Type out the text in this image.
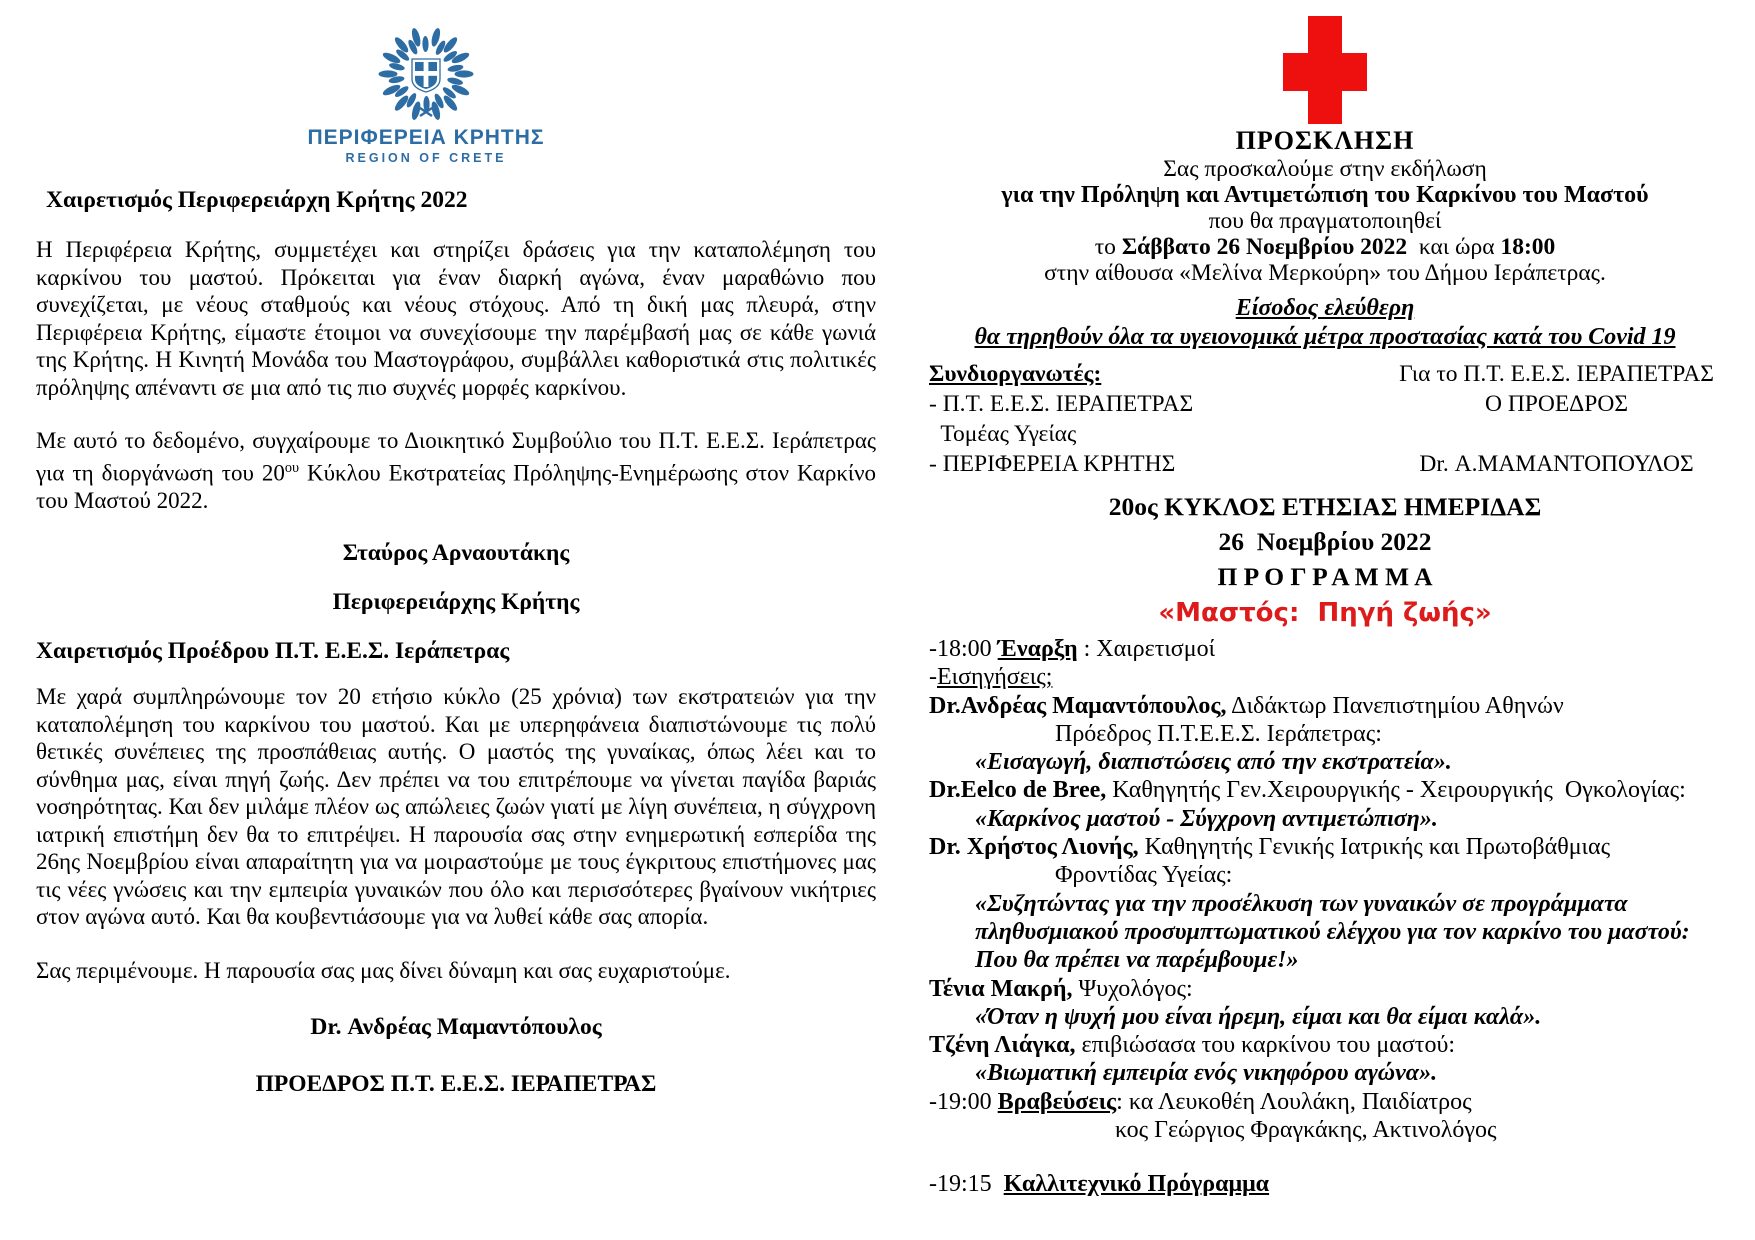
ΠΕΡΙΦΕΡΕΙΑ ΚΡΗΤΗΣ
REGION OF CRETE
Χαιρετισμός Περιφερειάρχη Κρήτης 2022
Η Περιφέρεια Κρήτης, συμμετέχει και στηρίζει δράσεις για την καταπολέμηση του καρκίνου του μαστού. Πρόκειται για έναν διαρκή αγώνα, έναν μαραθώνιο που συνεχίζεται, με νέους σταθμούς και νέους στόχους. Από τη δική μας πλευρά, στην Περιφέρεια Κρήτης, είμαστε έτοιμοι να συνεχίσουμε την παρέμβασή μας σε κάθε γωνιά της Κρήτης. Η Κινητή Μονάδα του Μαστογράφου, συμβάλλει καθοριστικά στις πολιτικές πρόληψης απέναντι σε μια από τις πιο συχνές μορφές καρκίνου.
Με αυτό το δεδομένο, συγχαίρουμε το Διοικητικό Συμβούλιο του Π.Τ. Ε.Ε.Σ. Ιεράπετρας για τη διοργάνωση του $20^{o\upsilon}$ Κύκλου Εκστρατείας Πρόληψης-Ενημέρωσης στον Καρκίνο του Μαστού 2022.
Σταύρος Αρναουτάκης
Περιφερειάρχης Κρήτης
Χαιρετισμός Προέδρου Π.Τ. Ε.Ε.Σ. Ιεράπετρας
Με χαρά συμπληρώνουμε τον 20 ετήσιο κύκλο (25 χρόνια) των εκστρατειών για την καταπολέμηση του καρκίνου του μαστού. Και με υπερηφάνεια διαπιστώνουμε τις πολύ θετικές συνέπειες της προσπάθειας αυτής. Ο μαστός της γυναίκας, όπως λέει και το σύνθημα μας, είναι πηγή ζωής. Δεν πρέπει να του επιτρέπουμε να γίνεται παγίδα βαριάς νοσηρότητας. Και δεν μιλάμε πλέον ως απώλειες ζωών γιατί με λίγη συνέπεια, η σύγχρονη ιατρική επιστήμη δεν θα το επιτρέψει. Η παρουσία σας στην ενημερωτική εσπερίδα της 26ης Νοεμβρίου είναι απαραίτητη για να μοιραστούμε με τους έγκριτους επιστήμονες μας τις νέες γνώσεις και την εμπειρία γυναικών που όλο και περισσότερες βγαίνουν νικήτριες στον αγώνα αυτό. Και θα κουβεντιάσουμε για να λυθεί κάθε σας απορία.
Σας περιμένουμε. Η παρουσία σας μας δίνει δύναμη και σας ευχαριστούμε.
Dr. Ανδρέας Μαμαντόπουλος
ΠΡΟΕΔΡΟΣ Π.Τ. Ε.Ε.Σ. ΙΕΡΑΠΕΤΡΑΣ
ΠΡΟΣΚΛΗΣΗ
Σας προσκαλούμε στην εκδήλωση
για την Πρόληψη και Αντιμετώπιση του Καρκίνου του Μαστού
που θα πραγματοποιηθεί
το Σάββατο 26 Νοεμβρίου 2022  και ώρα 18:00
στην αίθουσα «Μελίνα Μερκούρη» του Δήμου Ιεράπετρας.
Είσοδος ελεύθερη
θα τηρηθούν όλα τα υγειονομικά μέτρα προστασίας κατά του Covid 19
Συνδιοργανωτές:
- Π.Τ. Ε.Ε.Σ. ΙΕΡΑΠΕΤΡΑΣ
Τομέας Υγείας
- ΠΕΡΙΦΕΡΕΙΑ ΚΡΗΤΗΣ
Για το Π.Τ. Ε.Ε.Σ. ΙΕΡΑΠΕΤΡΑΣ
Ο ΠΡΟΕΔΡΟΣ

Dr. Α.ΜΑΜΑΝΤΟΠΟΥΛΟΣ
20ος ΚΥΚΛΟΣ ΕΤΗΣΙΑΣ ΗΜΕΡΙΔΑΣ
26  Νοεμβρίου 2022
Π Ρ Ο Γ Ρ Α Μ Μ Α
«Μαστός:  Πηγή ζωής»
-18:00 Έναρξη : Χαιρετισμοί
-Εισηγήσεις;
Dr.Ανδρέας Μαμαντόπουλος, Διδάκτωρ Πανεπιστημίου Αθηνών
Πρόεδρος Π.Τ.Ε.Ε.Σ. Ιεράπετρας:
«Εισαγωγή, διαπιστώσεις από την εκστρατεία».
Dr.Eelco de Bree, Καθηγητής Γεν.Χειρουργικής - Χειρουργικής  Ογκολογίας:
«Καρκίνος μαστού - Σύγχρονη αντιμετώπιση».
Dr. Χρήστος Λιονής, Καθηγητής Γενικής Ιατρικής και Πρωτοβάθμιας
Φροντίδας Υγείας:
«Συζητώντας για την προσέλκυση των γυναικών σε προγράμματα
πληθυσμιακού προσυμπτωματικού ελέγχου για τον καρκίνο του μαστού:
Που θα πρέπει να παρέμβουμε!»
Τένια Μακρή, Ψυχολόγος:
«Όταν η ψυχή μου είναι ήρεμη, είμαι και θα είμαι καλά».
Τζένη Λιάγκα, επιβιώσασα του καρκίνου του μαστού:
«Βιωματική εμπειρία ενός νικηφόρου αγώνα».
-19:00 Βραβεύσεις: κα Λευκοθέη Λουλάκη, Παιδίατρος
κος Γεώργιος Φραγκάκης, Ακτινολόγος
-19:15  Καλλιτεχνικό Πρόγραμμα
